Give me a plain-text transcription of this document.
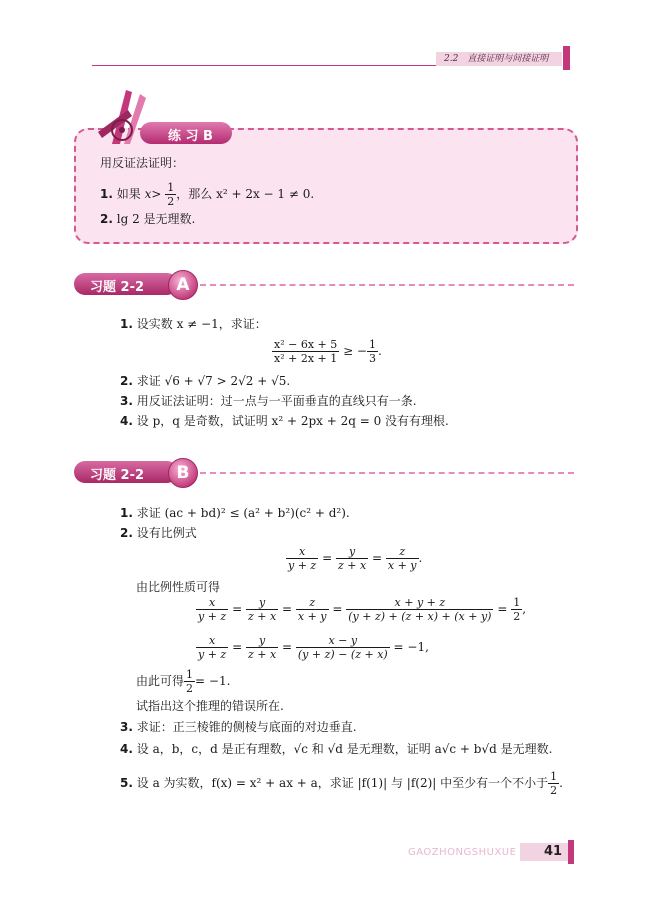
2.2　直接证明与间接证明
练 习 B
用反证法证明：
1. 如果 $x> \frac{1}{2}$ ，那么 x² + 2x − 1 ≠ 0.
2. lg 2 是无理数.
习题 2-2	A
1. 设实数 x ≠ −1，求证：
$\frac{\text{x² − 6x + 5}}{\text{x² + 2x + 1}}$ ≥ − $\frac{1}{3}$ .
2. 求证 √6 + √7 > 2√2 + √5.
3. 用反证法证明：过一点与一平面垂直的直线只有一条.
4. 设 p，q 是奇数，试证明 x² + 2px + 2q = 0 没有有理根.
习题 2-2	B
1. 求证 (ac + bd)² ≤ (a² + b²)(c² + d²).
2. 设有比例式
$\frac{x}{y + z} = \frac{y}{z + x} = \frac{z}{x + y}$ .
由比例性质可得
$\frac{x}{y + z} = \frac{y}{z + x} = \frac{z}{x + y} = \frac{x + y + z}{(y + z) + (z + x) + (x + y)} = \frac{1}{2}$ ,
$\frac{x}{y + z} = \frac{y}{z + x} = \frac{x - y}{(y + z) - (z + x)} = -1$,
由此可得 $\frac{1}{2} = -1$.
试指出这个推理的错误所在.
3. 求证：正三棱锥的侧棱与底面的对边垂直.
4. 设 a，b，c，d 是正有理数，√c 和 √d 是无理数，证明 a√c + b√d 是无理数.
5. 设 a 为实数，f(x) = x² + ax + a，求证 |f(1)| 与 |f(2)| 中至少有一个不小于 $\frac{1}{2}$ .
GAOZHONGSHUXUE 41
